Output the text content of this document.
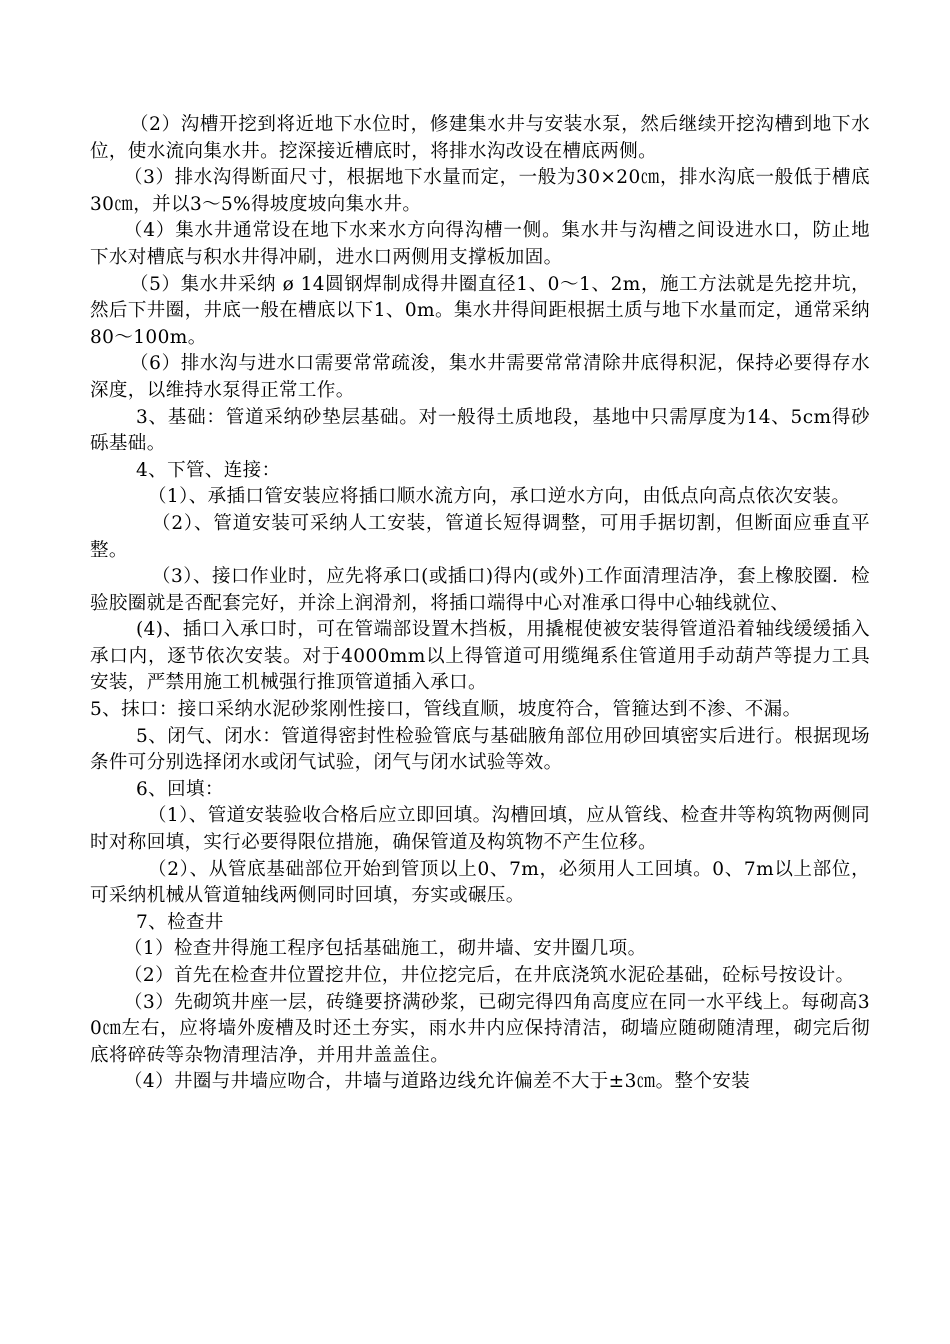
（2）沟槽开挖到将近地下水位时，修建集水井与安装水泵，然后继续开挖沟槽到地下水位，使水流向集水井。挖深接近槽底时，将排水沟改设在槽底两侧。

（3）排水沟得断面尺寸，根据地下水量而定，一般为30×20㎝，排水沟底一般低于槽底30㎝，并以3～5%得坡度坡向集水井。

（4）集水井通常设在地下水来水方向得沟槽一侧。集水井与沟槽之间设进水口，防止地下水对槽底与积水井得冲刷，进水口两侧用支撑板加固。

（5）集水井采纳 ø 14圆钢焊制成得井圈直径1、0～1、2m，施工方法就是先挖井坑，然后下井圈，井底一般在槽底以下1、0m。集水井得间距根据土质与地下水量而定，通常采纳80～100m。

（6）排水沟与进水口需要常常疏浚，集水井需要常常清除井底得积泥，保持必要得存水深度，以维持水泵得正常工作。

3、基础：管道采纳砂垫层基础。对一般得土质地段，基地中只需厚度为14、5cm得砂砾基础。

4、下管、连接：

（1）、承插口管安装应将插口顺水流方向，承口逆水方向，由低点向高点依次安装。

（2）、管道安装可采纳人工安装，管道长短得调整，可用手据切割，但断面应垂直平整。

（3）、接口作业时，应先将承口(或插口)得内(或外)工作面清理洁净，套上橡胶圈．检验胶圈就是否配套完好，并涂上润滑剂，将插口端得中心对准承口得中心轴线就位、

(4)、插口入承口时，可在管端部设置木挡板，用撬棍使被安装得管道沿着轴线缓缓插入承口内，逐节依次安装。对于4000mm以上得管道可用缆绳系住管道用手动葫芦等提力工具安装，严禁用施工机械强行推顶管道插入承口。

5、抹口：接口采纳水泥砂浆刚性接口，管线直顺，坡度符合，管箍达到不渗、不漏。

5、闭气、闭水：管道得密封性检验管底与基础腋角部位用砂回填密实后进行。根据现场条件可分别选择闭水或闭气试验，闭气与闭水试验等效。

6、回填：

（1）、管道安装验收合格后应立即回填。沟槽回填，应从管线、检查井等构筑物两侧同时对称回填，实行必要得限位措施，确保管道及构筑物不产生位移。

（2）、从管底基础部位开始到管顶以上0、7m，必须用人工回填。0、7m以上部位，可采纳机械从管道轴线两侧同时回填，夯实或碾压。

7、检查井

（1）检查井得施工程序包括基础施工，砌井墙、安井圈几项。

（2）首先在检查井位置挖井位，井位挖完后，在井底浇筑水泥砼基础，砼标号按设计。

（3）先砌筑井座一层，砖缝要挤满砂浆，已砌完得四角高度应在同一水平线上。每砌高30㎝左右，应将墙外废槽及时还土夯实，雨水井内应保持清洁，砌墙应随砌随清理，砌完后彻底将碎砖等杂物清理洁净，并用井盖盖住。

（4）井圈与井墙应吻合，井墙与道路边线允许偏差不大于±3㎝。整个安装
